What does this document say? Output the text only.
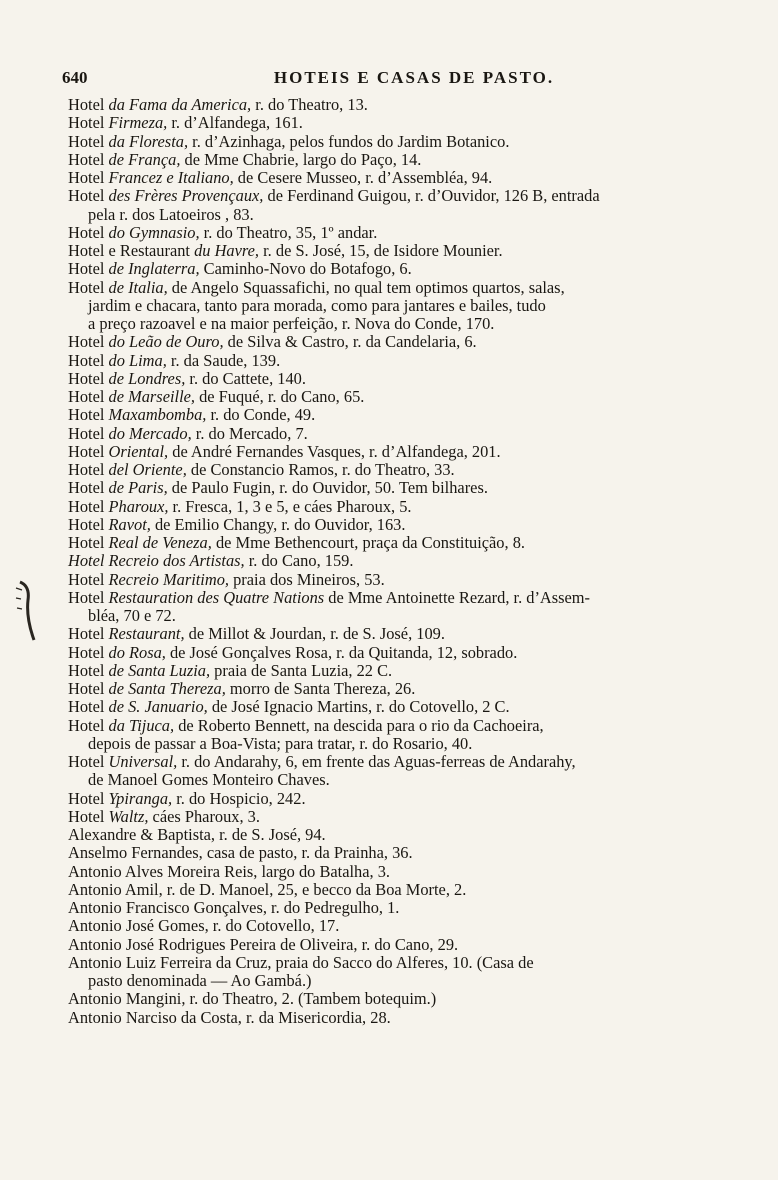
640	HOTEIS E CASAS DE PASTO.
Hotel da Fama da America, r. do Theatro, 13.
Hotel Firmeza, r. d’Alfandega, 161.
Hotel da Floresta, r. d’Azinhaga, pelos fundos do Jardim Botanico.
Hotel de França, de Mme Chabrie, largo do Paço, 14.
Hotel Francez e Italiano, de Cesere Musseo, r. d’Assembléa, 94.
Hotel des Frères Provençaux, de Ferdinand Guigou, r. d’Ouvidor, 126 B, entrada
pela r. dos Latoeiros , 83.
Hotel do Gymnasio, r. do Theatro, 35, 1º andar.
Hotel e Restaurant du Havre, r. de S. José, 15, de Isidore Mounier.
Hotel de Inglaterra, Caminho-Novo do Botafogo, 6.
Hotel de Italia, de Angelo Squassafichi, no qual tem optimos quartos, salas,
jardim e chacara, tanto para morada, como para jantares e bailes, tudo
a preço razoavel e na maior perfeição, r. Nova do Conde, 170.
Hotel do Leão de Ouro, de Silva & Castro, r. da Candelaria, 6.
Hotel do Lima, r. da Saude, 139.
Hotel de Londres, r. do Cattete, 140.
Hotel de Marseille, de Fuqué, r. do Cano, 65.
Hotel Maxambomba, r. do Conde, 49.
Hotel do Mercado, r. do Mercado, 7.
Hotel Oriental, de André Fernandes Vasques, r. d’Alfandega, 201.
Hotel del Oriente, de Constancio Ramos, r. do Theatro, 33.
Hotel de Paris, de Paulo Fugin, r. do Ouvidor, 50. Tem bilhares.
Hotel Pharoux, r. Fresca, 1, 3 e 5, e cáes Pharoux, 5.
Hotel Ravot, de Emilio Changy, r. do Ouvidor, 163.
Hotel Real de Veneza, de Mme Bethencourt, praça da Constituição, 8.
Hotel Recreio dos Artistas, r. do Cano, 159.
Hotel Recreio Maritimo, praia dos Mineiros, 53.
Hotel Restauration des Quatre Nations de Mme Antoinette Rezard, r. d’Assem-
bléa, 70 e 72.
Hotel Restaurant, de Millot & Jourdan, r. de S. José, 109.
Hotel do Rosa, de José Gonçalves Rosa, r. da Quitanda, 12, sobrado.
Hotel de Santa Luzia, praia de Santa Luzia, 22 C.
Hotel de Santa Thereza, morro de Santa Thereza, 26.
Hotel de S. Januario, de José Ignacio Martins, r. do Cotovello, 2 C.
Hotel da Tijuca, de Roberto Bennett, na descida para o rio da Cachoeira,
depois de passar a Boa-Vista; para tratar, r. do Rosario, 40.
Hotel Universal, r. do Andarahy, 6, em frente das Aguas-ferreas de Andarahy,
de Manoel Gomes Monteiro Chaves.
Hotel Ypiranga, r. do Hospicio, 242.
Hotel Waltz, cáes Pharoux, 3.
Alexandre & Baptista, r. de S. José, 94.
Anselmo Fernandes, casa de pasto, r. da Prainha, 36.
Antonio Alves Moreira Reis, largo do Batalha, 3.
Antonio Amil, r. de D. Manoel, 25, e becco da Boa Morte, 2.
Antonio Francisco Gonçalves, r. do Pedregulho, 1.
Antonio José Gomes, r. do Cotovello, 17.
Antonio José Rodrigues Pereira de Oliveira, r. do Cano, 29.
Antonio Luiz Ferreira da Cruz, praia do Sacco do Alferes, 10. (Casa de
pasto denominada — Ao Gambá.)
Antonio Mangini, r. do Theatro, 2. (Tambem botequim.)
Antonio Narciso da Costa, r. da Misericordia, 28.
